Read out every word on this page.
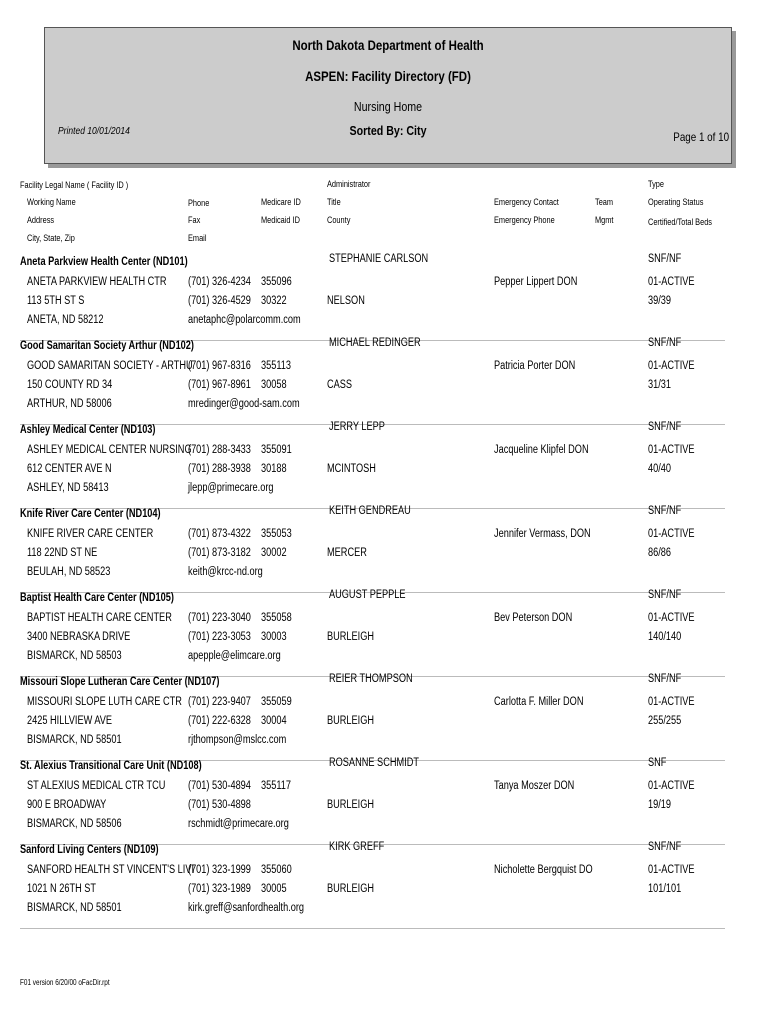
North Dakota Department of Health
ASPEN: Facility Directory (FD)
Nursing Home
Sorted By: City
Printed 10/01/2014	Page 1 of 10
Facility Legal Name ( Facility ID )
Working Name
Address
City, State, Zip
Phone
Fax
Email
Medicare ID
Medicaid ID
Administrator
Title
County
Emergency Contact
Emergency Phone
Team
Mgmt
Type
Operating Status
Certified/Total Beds
Aneta Parkview Health Center (ND101)
ANETA PARKVIEW HEALTH CTR
113 5TH ST S
ANETA, ND 58212
(701) 326-4234
(701) 326-4529
anetaphc@polarcomm.com
355096
30322
STEPHANIE CARLSON
NELSON
Pepper Lippert DON
SNF/NF
01-ACTIVE
39/39
Good Samaritan Society Arthur (ND102)
GOOD SAMARITAN SOCIETY - ARTHU
150 COUNTY RD 34
ARTHUR, ND 58006
(701) 967-8316
(701) 967-8961
mredinger@good-sam.com
355113
30058
MICHAEL REDINGER
CASS
Patricia Porter DON
SNF/NF
01-ACTIVE
31/31
Ashley Medical Center (ND103)
ASHLEY MEDICAL CENTER NURSING
612 CENTER AVE N
ASHLEY, ND 58413
(701) 288-3433
(701) 288-3938
jlepp@primecare.org
355091
30188
JERRY LEPP
MCINTOSH
Jacqueline Klipfel DON
SNF/NF
01-ACTIVE
40/40
Knife River Care Center (ND104)
KNIFE RIVER CARE CENTER
118 22ND ST NE
BEULAH, ND 58523
(701) 873-4322
(701) 873-3182
keith@krcc-nd.org
355053
30002
KEITH GENDREAU
MERCER
Jennifer Vermass, DON
SNF/NF
01-ACTIVE
86/86
Baptist Health Care Center (ND105)
BAPTIST HEALTH CARE CENTER
3400 NEBRASKA DRIVE
BISMARCK, ND 58503
(701) 223-3040
(701) 223-3053
apepple@elimcare.org
355058
30003
AUGUST PEPPLE
BURLEIGH
Bev Peterson DON
SNF/NF
01-ACTIVE
140/140
Missouri Slope Lutheran Care Center (ND107)
MISSOURI SLOPE LUTH CARE CTR
2425 HILLVIEW AVE
BISMARCK, ND 58501
(701) 223-9407
(701) 222-6328
rjthompson@mslcc.com
355059
30004
REIER THOMPSON
BURLEIGH
Carlotta F. Miller DON
SNF/NF
01-ACTIVE
255/255
St. Alexius Transitional Care Unit (ND108)
ST ALEXIUS MEDICAL CTR TCU
900 E BROADWAY
BISMARCK, ND 58506
(701) 530-4894
(701) 530-4898
rschmidt@primecare.org
355117
ROSANNE SCHMIDT
BURLEIGH
Tanya Moszer DON
SNF
01-ACTIVE
19/19
Sanford Living Centers (ND109)
SANFORD HEALTH ST VINCENT'S LIVI
1021 N 26TH ST
BISMARCK, ND 58501
(701) 323-1999
(701) 323-1989
kirk.greff@sanfordhealth.org
355060
30005
KIRK GREFF
BURLEIGH
Nicholette Bergquist DO
SNF/NF
01-ACTIVE
101/101
F01 version 6/20/00 oFacDir.rpt
